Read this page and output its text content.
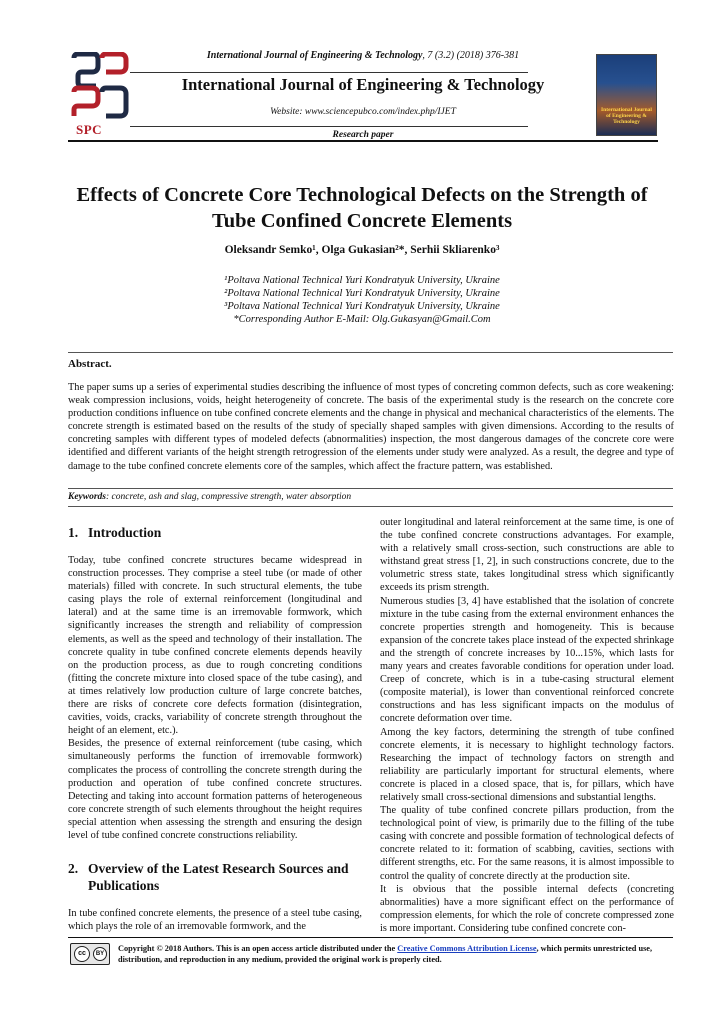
SPC
International Journal of Engineering & Technology, 7 (3.2) (2018) 376-381
International Journal of Engineering & Technology
Website: www.sciencepubco.com/index.php/IJET
Research paper
International Journal of Engineering & Technology
Effects of Concrete Core Technological Defects on the Strength of Tube Confined Concrete Elements
Oleksandr Semko¹, Olga Gukasian²*, Serhii Skliarenko³
¹Poltava National Technical Yuri Kondratyuk University, Ukraine
²Poltava National Technical Yuri Kondratyuk University, Ukraine
³Poltava National Technical Yuri Kondratyuk University, Ukraine
*Corresponding Author E-Mail: Olg.Gukasyan@Gmail.Com
Abstract.
The paper sums up a series of experimental studies describing the influence of most types of concreting common defects, such as core weakening: weak compression inclusions, voids, height heterogeneity of concrete. The basis of the experimental study is the research on the concrete core production conditions influence on tube confined concrete elements and the change in physical and mechanical characteristics of the elements. The concrete strength is estimated based on the results of the study of specially shaped samples with given dimensions. According to the results of concreting samples with different types of modeled defects (abnormalities) inspection, the most dangerous damages of the concrete core were identified and different variants of the height strength retrogression of the elements under study were analyzed. As a result, the degree and type of damage to the tube confined concrete elements core of the samples, which affect the fracture pattern, was established.
Keywords: concrete, ash and slag, compressive strength, water absorption
1. Introduction

Today, tube confined concrete structures became widespread in construction processes. They comprise a steel tube (or made of other materials) filled with concrete. In such structural elements, the tube casing plays the role of external reinforcement (longitudinal and lateral) and at the same time is an irremovable formwork, which significantly increases the strength and reliability of compression elements, as well as the speed and technology of their installation. The concrete quality in tube confined concrete elements depends heavily on the production process, as due to rough concreting conditions (fitting the concrete mixture into closed space of the tube casing), and at times relatively low production culture of large concrete batches, there are risks of concrete core defects formation (disintegration, cavities, voids, cracks, variability of concrete strength throughout the height of an element, etc.).

Besides, the presence of external reinforcement (tube casing, which simultaneously performs the function of irremovable formwork) complicates the process of controlling the concrete strength during the production and operation of tube confined concrete structures. Detecting and taking into account formation patterns of heterogeneous core concrete strength of such elements throughout the height requires special attention when assessing the strength and ensuring the design level of tube confined concrete constructions reliability.

2. Overview of the Latest Research Sources and Publications

In tube confined concrete elements, the presence of a steel tube casing, which plays the role of an irremovable formwork, and the

outer longitudinal and lateral reinforcement at the same time, is one of the tube confined concrete constructions advantages. For example, with a relatively small cross-section, such constructions are able to withstand great stress [1, 2], in such constructions concrete, due to the volumetric stress state, takes longitudinal stress which significantly exceeds its prism strength.

Numerous studies [3, 4] have established that the isolation of concrete mixture in the tube casing from the external environment enhances the concrete properties strength and homogeneity. This is because expansion of the concrete takes place instead of the expected shrinkage and the strength of concrete increases by 10...15%, which lasts for many years and creates favorable conditions for operation under load. Creep of concrete, which is in a tube-casing structural element (composite material), is lower than conventional reinforced concrete constructions and has less significant impacts on the modulus of concrete deformation over time.

Among the key factors, determining the strength of tube confined concrete elements, it is necessary to highlight technology factors. Researching the impact of technology factors on strength and reliability are particularly important for structural elements, where concrete is placed in a closed space, that is, for pillars, which have relatively small cross-sectional dimensions and substantial lengths.

The quality of tube confined concrete pillars production, from the technological point of view, is primarily due to the filling of the tube casing with concrete and possible formation of technological defects of concrete related to it: formation of scabbing, cavities, sections with different strengths, etc. For the same reasons, it is almost impossible to control the quality of concrete directly at the production site.

It is obvious that the possible internal defects (concreting abnormalities) have a more significant effect on the performance of compression elements, for which the role of concrete compressed zone is more important. Considering tube confined concrete con-

cc	BY
Copyright © 2018 Authors. This is an open access article distributed under the Creative Commons Attribution License, which permits unrestricted use, distribution, and reproduction in any medium, provided the original work is properly cited.
